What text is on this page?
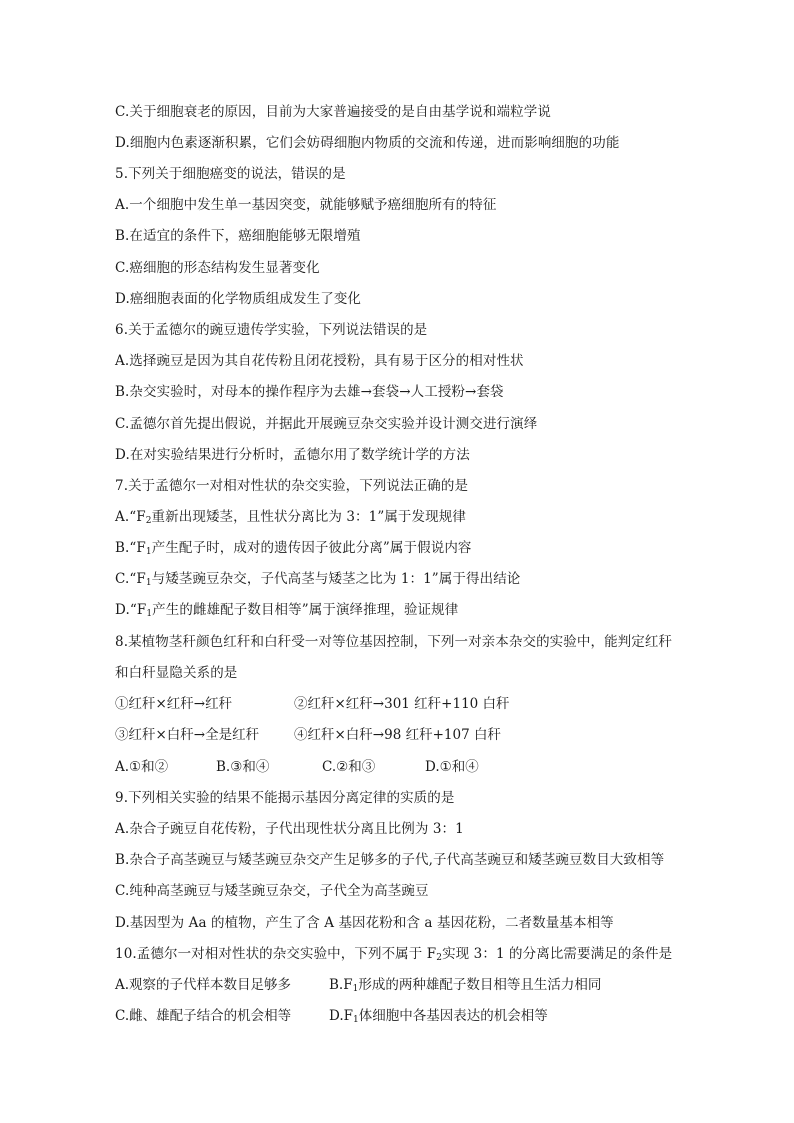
C.关于细胞衰老的原因，目前为大家普遍接受的是自由基学说和端粒学说
D.细胞内色素逐渐积累，它们会妨碍细胞内物质的交流和传递，进而影响细胞的功能
5.下列关于细胞癌变的说法，错误的是
A.一个细胞中发生单一基因突变，就能够赋予癌细胞所有的特征
B.在适宜的条件下，癌细胞能够无限增殖
C.癌细胞的形态结构发生显著变化
D.癌细胞表面的化学物质组成发生了变化
6.关于孟德尔的豌豆遗传学实验，下列说法错误的是
A.选择豌豆是因为其自花传粉且闭花授粉，具有易于区分的相对性状
B.杂交实验时，对母本的操作程序为去雄→套袋→人工授粉→套袋
C.孟德尔首先提出假说，并据此开展豌豆杂交实验并设计测交进行演绎
D.在对实验结果进行分析时，孟德尔用了数学统计学的方法
7.关于孟德尔一对相对性状的杂交实验，下列说法正确的是
$A.“F_2$重新出现矮茎，且性状分离比为 3：1”属于发现规律
$B.“F_1$产生配子时，成对的遗传因子彼此分离”属于假说内容
$C.“F_1$与矮茎豌豆杂交，子代高茎与矮茎之比为 1：1”属于得出结论
$D.“F_1$产生的雌雄配子数目相等”属于演绎推理，验证规律
8.某植物茎秆颜色红秆和白秆受一对等位基因控制，下列一对亲本杂交的实验中，能判定红秆
和白秆显隐关系的是
①红秆×红秆→红秆	②红秆×红秆→301 红秆+110 白秆
③红秆×白秆→全是红秆	④红秆×白秆→98 红秆+107 白秆
A.①和②	B.③和④	C.②和③	D.①和④
9.下列相关实验的结果不能揭示基因分离定律的实质的是
A.杂合子豌豆自花传粉，子代出现性状分离且比例为 3：1
B.杂合子高茎豌豆与矮茎豌豆杂交产生足够多的子代,子代高茎豌豆和矮茎豌豆数目大致相等
C.纯种高茎豌豆与矮茎豌豆杂交，子代全为高茎豌豆
D.基因型为 Aa 的植物，产生了含 A 基因花粉和含 a 基因花粉，二者数量基本相等
10.孟德尔一对相对性状的杂交实验中，下列不属于 $F_2$实现 3：1 的分离比需要满足的条件是
A.观察的子代样本数目足够多	$B.F_1$形成的两种雄配子数目相等且生活力相同
C.雌、雄配子结合的机会相等	$D.F_1$体细胞中各基因表达的机会相等
